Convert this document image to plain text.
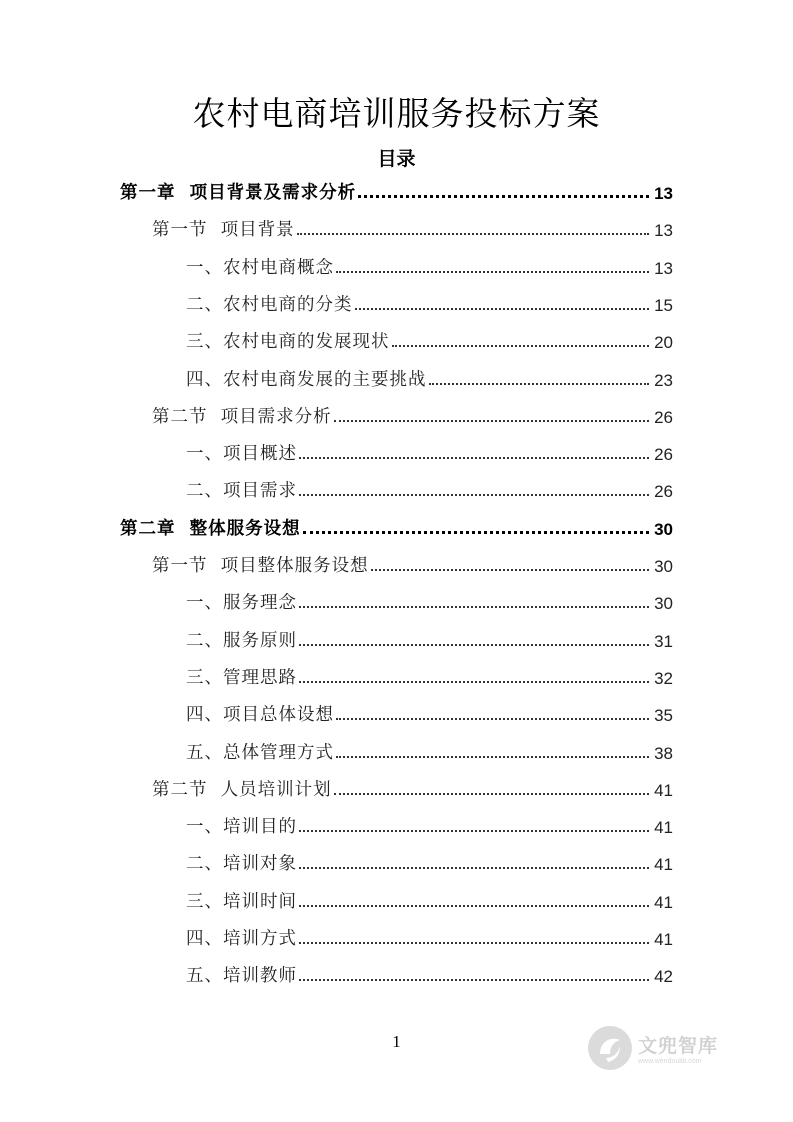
农村电商培训服务投标方案
目录
第一章  项目背景及需求分析	13
第一节  项目背景	13
一、农村电商概念	13
二、农村电商的分类	15
三、农村电商的发展现状	20
四、农村电商发展的主要挑战	23
第二节  项目需求分析	26
一、项目概述	26
二、项目需求	26
第二章  整体服务设想	30
第一节  项目整体服务设想	30
一、服务理念	30
二、服务原则	31
三、管理思路	32
四、项目总体设想	35
五、总体管理方式	38
第二节  人员培训计划	41
一、培训目的	41
二、培训对象	41
三、培训时间	41
四、培训方式	41
五、培训教师	42
1	文兜智库
www.wendoulib.com
